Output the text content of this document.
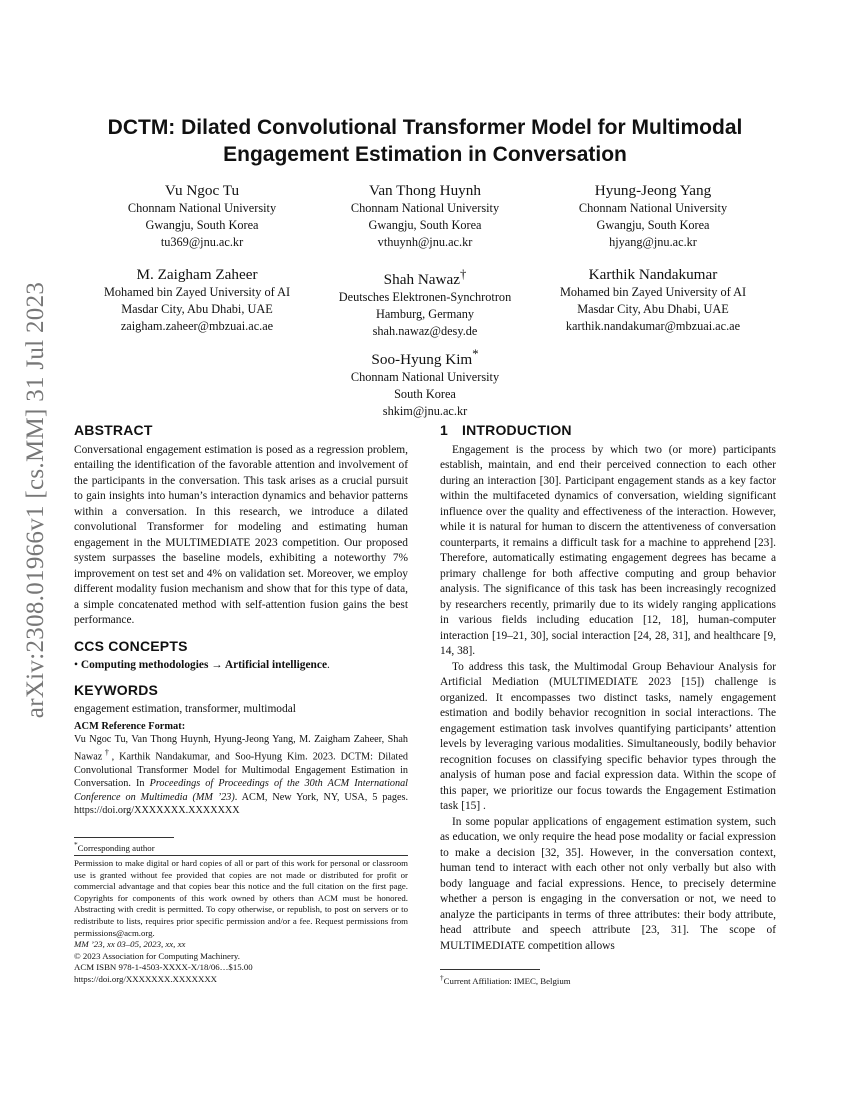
arXiv:2308.01966v1 [cs.MM] 31 Jul 2023
DCTM: Dilated Convolutional Transformer Model for Multimodal Engagement Estimation in Conversation
Vu Ngoc Tu
Chonnam National University
Gwangju, South Korea
tu369@jnu.ac.kr
Van Thong Huynh
Chonnam National University
Gwangju, South Korea
vthuynh@jnu.ac.kr
Hyung-Jeong Yang
Chonnam National University
Gwangju, South Korea
hjyang@jnu.ac.kr
M. Zaigham Zaheer
Mohamed bin Zayed University of AI
Masdar City, Abu Dhabi, UAE
zaigham.zaheer@mbzuai.ac.ae
Shah Nawaz†
Deutsches Elektronen-Synchrotron
Hamburg, Germany
shah.nawaz@desy.de
Karthik Nandakumar
Mohamed bin Zayed University of AI
Masdar City, Abu Dhabi, UAE
karthik.nandakumar@mbzuai.ac.ae
Soo-Hyung Kim*
Chonnam National University
South Korea
shkim@jnu.ac.kr
ABSTRACT

Conversational engagement estimation is posed as a regression problem, entailing the identification of the favorable attention and involvement of the participants in the conversation. This task arises as a crucial pursuit to gain insights into human’s interaction dynamics and behavior patterns within a conversation. In this research, we introduce a dilated convolutional Transformer for modeling and estimating human engagement in the MULTIMEDIATE 2023 competition. Our proposed system surpasses the baseline models, exhibiting a noteworthy 7% improvement on test set and 4% on validation set. Moreover, we employ different modality fusion mechanism and show that for this type of data, a simple concatenated method with self-attention fusion gains the best performance.

CCS CONCEPTS

• Computing methodologies → Artificial intelligence.

KEYWORDS

engagement estimation, transformer, multimodal

ACM Reference Format:

Vu Ngoc Tu, Van Thong Huynh, Hyung-Jeong Yang, M. Zaigham Zaheer, Shah Nawaz†, Karthik Nandakumar, and Soo-Hyung Kim. 2023. DCTM: Dilated Convolutional Transformer Model for Multimodal Engagement Estimation in Conversation. In Proceedings of Proceedings of the 30th ACM International Conference on Multimedia (MM ’23). ACM, New York, NY, USA, 5 pages. https://doi.org/XXXXXXX.XXXXXXX

*Corresponding author
Permission to make digital or hard copies of all or part of this work for personal or classroom use is granted without fee provided that copies are not made or distributed for profit or commercial advantage and that copies bear this notice and the full citation on the first page. Copyrights for components of this work owned by others than ACM must be honored. Abstracting with credit is permitted. To copy otherwise, or republish, to post on servers or to redistribute to lists, requires prior specific permission and/or a fee. Request permissions from permissions@acm.org.
MM ’23, xx 03–05, 2023, xx, xx
© 2023 Association for Computing Machinery.
ACM ISBN 978-1-4503-XXXX-X/18/06…$15.00
https://doi.org/XXXXXXX.XXXXXXX
1 INTRODUCTION

Engagement is the process by which two (or more) participants establish, maintain, and end their perceived connection to each other during an interaction [30]. Participant engagement stands as a key factor within the multifaceted dynamics of conversation, wielding significant influence over the quality and effectiveness of the interaction. However, while it is natural for human to discern the attentiveness of conversation counterparts, it remains a difficult task for a machine to apprehend [23]. Therefore, automatically estimating engagement degrees has became a primary challenge for both affective computing and group behavior analysis. The significance of this task has been increasingly recognized by researchers recently, primarily due to its widely ranging applications in various fields including education [12, 18], human-computer interaction [19–21, 30], social interaction [24, 28, 31], and healthcare [9, 14, 38].

To address this task, the Multimodal Group Behaviour Analysis for Artificial Mediation (MULTIMEDIATE 2023 [15]) challenge is organized. It encompasses two distinct tasks, namely engagement estimation and bodily behavior recognition in social interactions. The engagement estimation task involves quantifying participants’ attention levels by leveraging various modalities. Simultaneously, bodily behavior recognition focuses on classifying specific behavior types through the analysis of human pose and facial expression data. Within the scope of this paper, we prioritize our focus towards the Engagement Estimation task [15] .

In some popular applications of engagement estimation system, such as education, we only require the head pose modality or facial expression to make a decision [32, 35]. However, in the conversation context, human tend to interact with each other not only verbally but also with body language and facial expressions. Hence, to precisely determine whether a person is engaging in the conversation or not, we need to analyze the participants in terms of three attributes: their body attribute, head attribute and speech attribute [23, 31]. The scope of MULTIMEDIATE competition allows

†Current Affiliation: IMEC, Belgium
